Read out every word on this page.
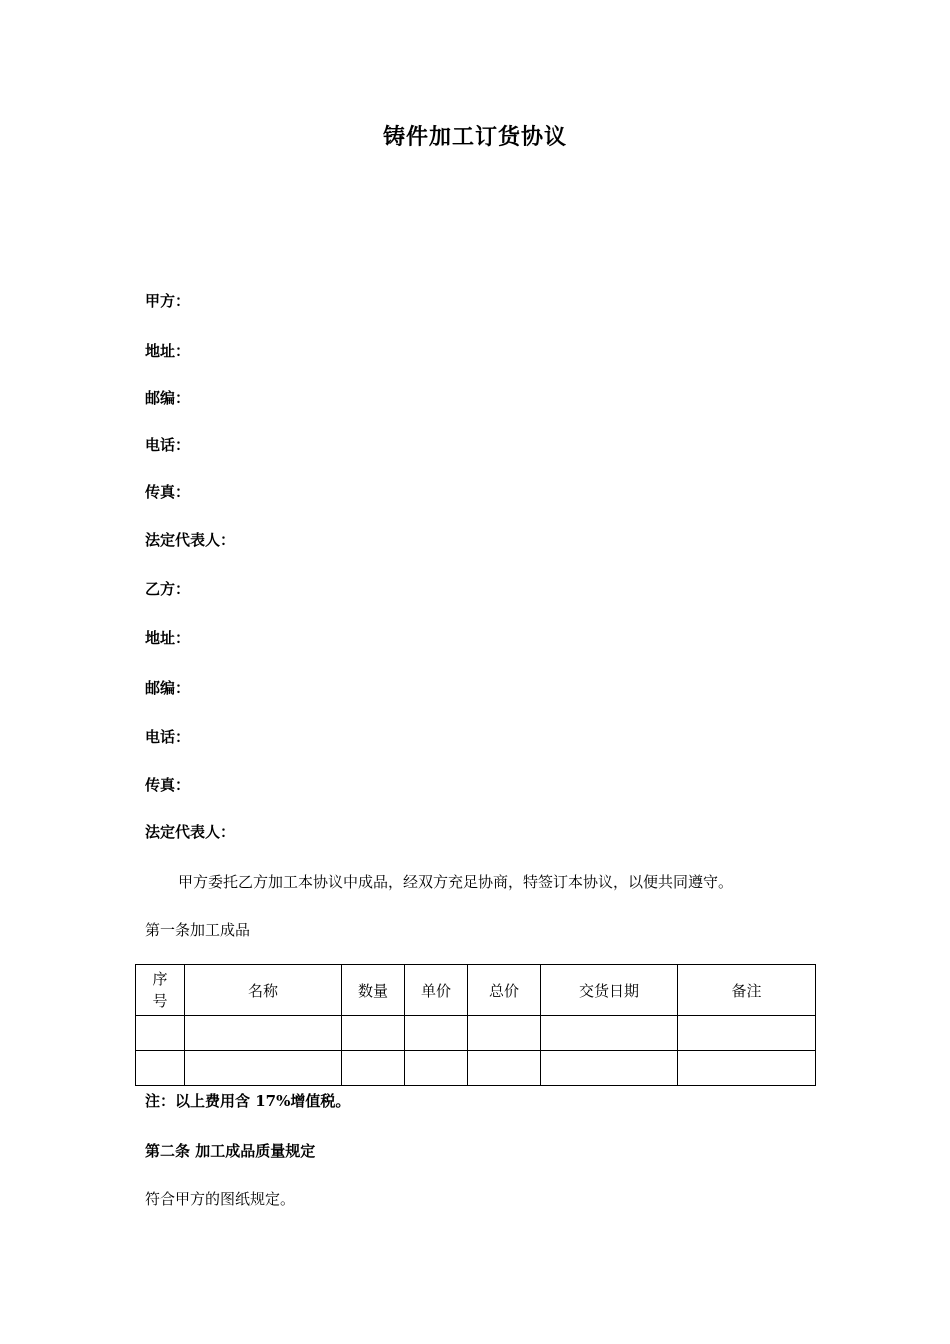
铸件加工订货协议
甲方：
地址：
邮编：
电话：
传真：
法定代表人：
乙方：
地址：
邮编：
电话：
传真：
法定代表人：
甲方委托乙方加工本协议中成品，经双方充足协商，特签订本协议，以便共同遵守。
第一条加工成品
序
号	名称	数量	单价	总价	交货日期	备注

注：以上费用含 17%增值税。
第二条 加工成品质量规定
符合甲方的图纸规定。
